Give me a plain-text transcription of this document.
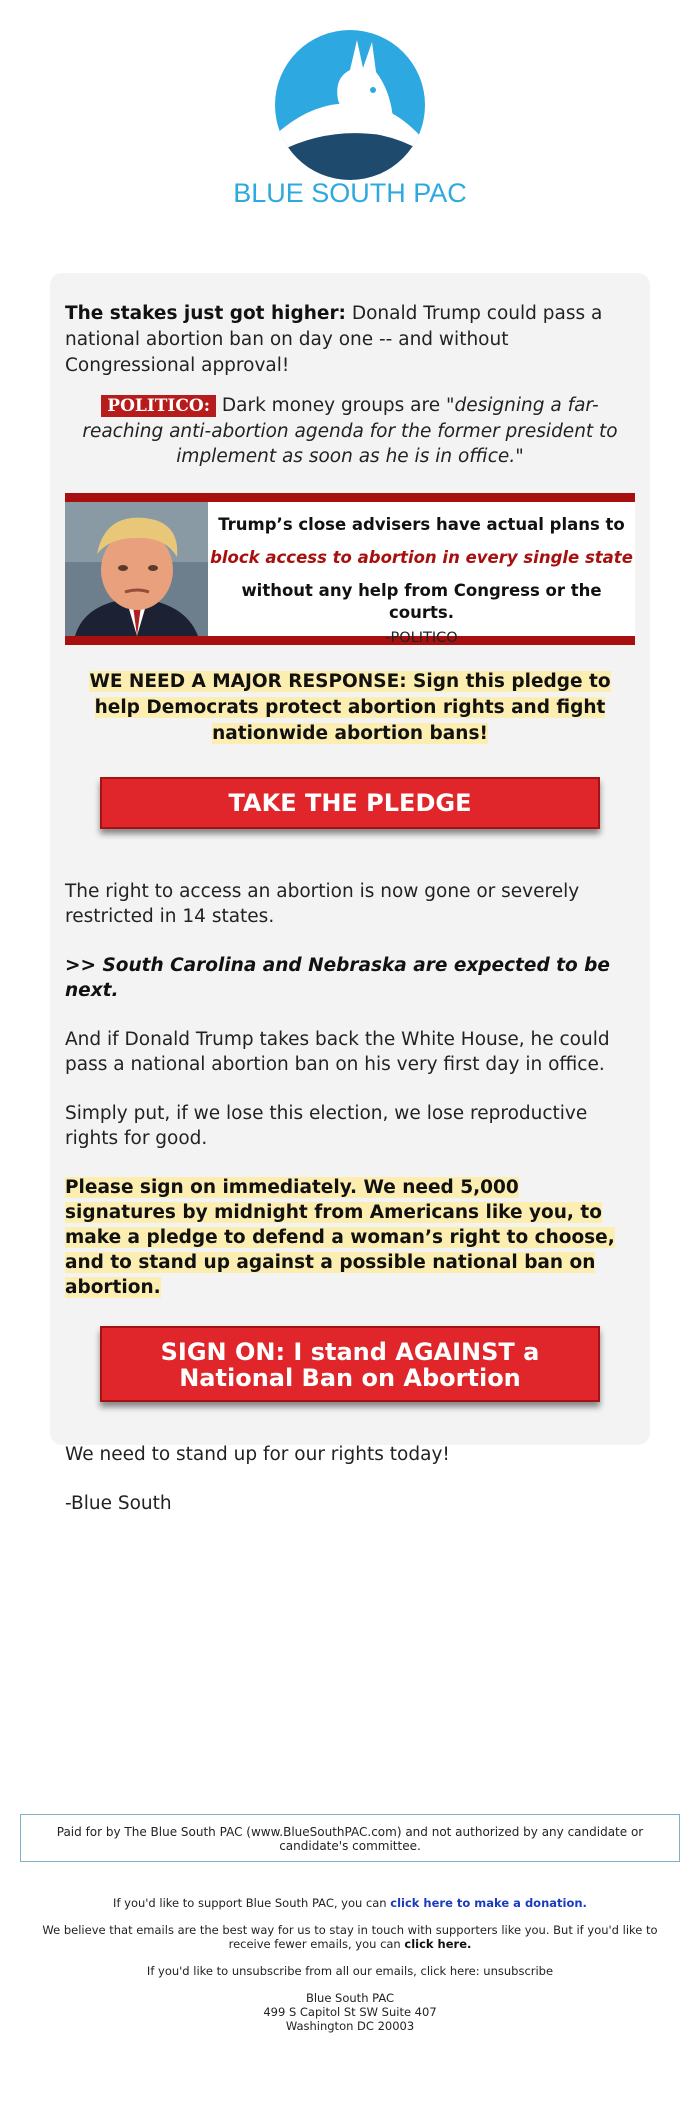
BLUE SOUTH PAC

The stakes just got higher: Donald Trump could pass a national abortion ban on day one -- and without Congressional approval!

POLITICO: Dark money groups are "designing a far-reaching anti-abortion agenda for the former president to implement as soon as he is in office."

Trump’s close advisers have actual plans to
block access to abortion in every single state
without any help from Congress or the courts.
-POLITICO

WE NEED A MAJOR RESPONSE: Sign this pledge to help Democrats protect abortion rights and fight nationwide abortion bans!

TAKE THE PLEDGE

The right to access an abortion is now gone or severely restricted in 14 states.

>> South Carolina and Nebraska are expected to be next.

And if Donald Trump takes back the White House, he could pass a national abortion ban on his very first day in office.

Simply put, if we lose this election, we lose reproductive rights for good.

Please sign on immediately. We need 5,000 signatures by midnight from Americans like you, to make a pledge to defend a woman’s right to choose, and to stand up against a possible national ban on abortion.

SIGN ON: I stand AGAINST a National Ban on Abortion

We need to stand up for our rights today!

-Blue South

Paid for by The Blue South PAC (www.BlueSouthPAC.com) and not authorized by any candidate or candidate's committee.

If you'd like to support Blue South PAC, you can click here to make a donation.

We believe that emails are the best way for us to stay in touch with supporters like you. But if you'd like to receive fewer emails, you can click here.

If you'd like to unsubscribe from all our emails, click here: unsubscribe

Blue South PAC
499 S Capitol St SW Suite 407
Washington DC 20003
